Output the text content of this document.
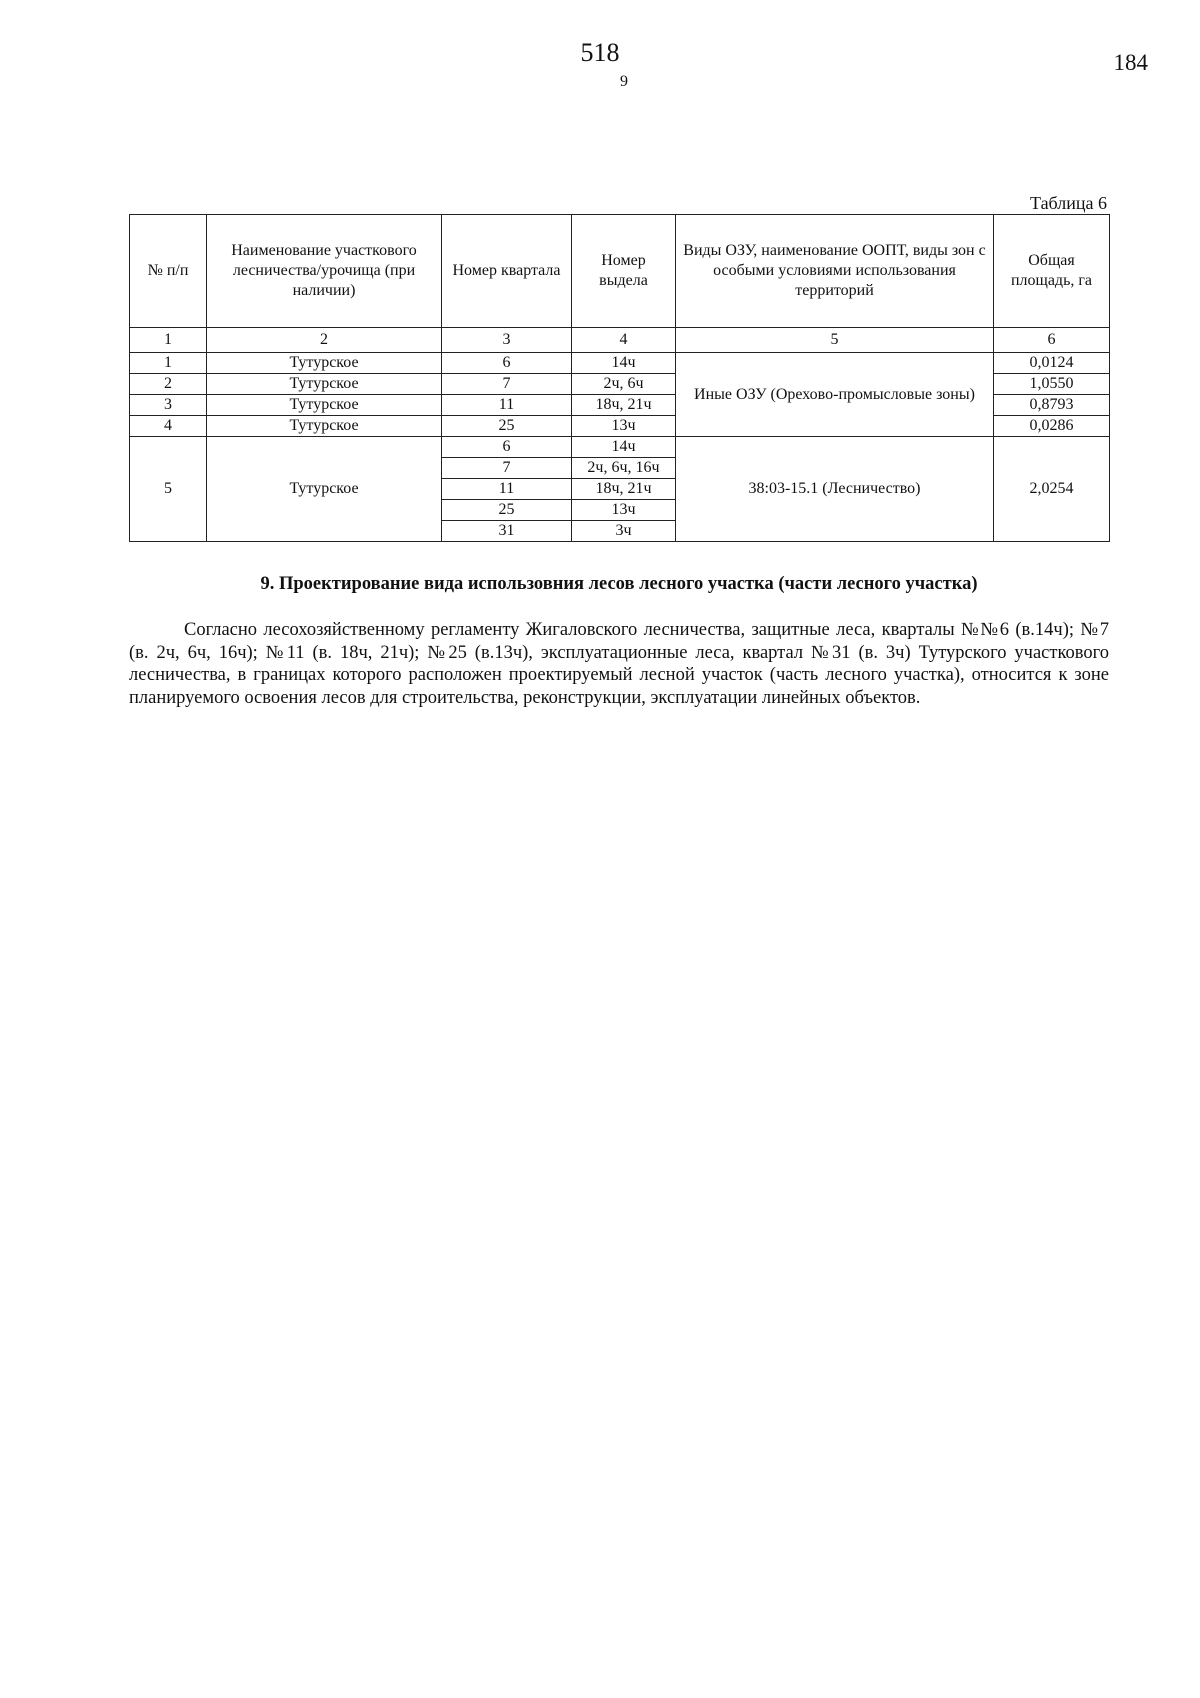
518
9
184
Таблица 6
№ п/п	Наименование участкового лесничества/урочища (при наличии)	Номер квартала	Номер выдела	Виды ОЗУ, наименование ООПТ, виды зон с особыми условиями использования территорий	Общая площадь, га
1	2	3	4	5	6
1	Тутурское	6	14ч	Иные ОЗУ (Орехово-промысловые зоны)	0,0124
2	Тутурское	7	2ч, 6ч		1,0550
3	Тутурское	11	18ч, 21ч		0,8793
4	Тутурское	25	13ч		0,0286
5	Тутурское	6	14ч	38:03-15.1 (Лесничество)	2,0254
		7	2ч, 6ч, 16ч		
		11	18ч, 21ч		
		25	13ч		
		31	3ч		
9. Проектирование вида использовния лесов лесного участка (части лесного участка)

Согласно лесохозяйственному регламенту Жигаловского лесничества, защитные леса, кварталы №№6 (в.14ч); №7 (в. 2ч, 6ч, 16ч); №11 (в. 18ч, 21ч); №25 (в.13ч), эксплуатационные леса, квартал №31 (в. 3ч) Тутурского участкового лесничества, в границах которого расположен проектируемый лесной участок (часть лесного участка), относится к зоне планируемого освоения лесов для строительства, реконструкции, эксплуатации линейных объектов.
